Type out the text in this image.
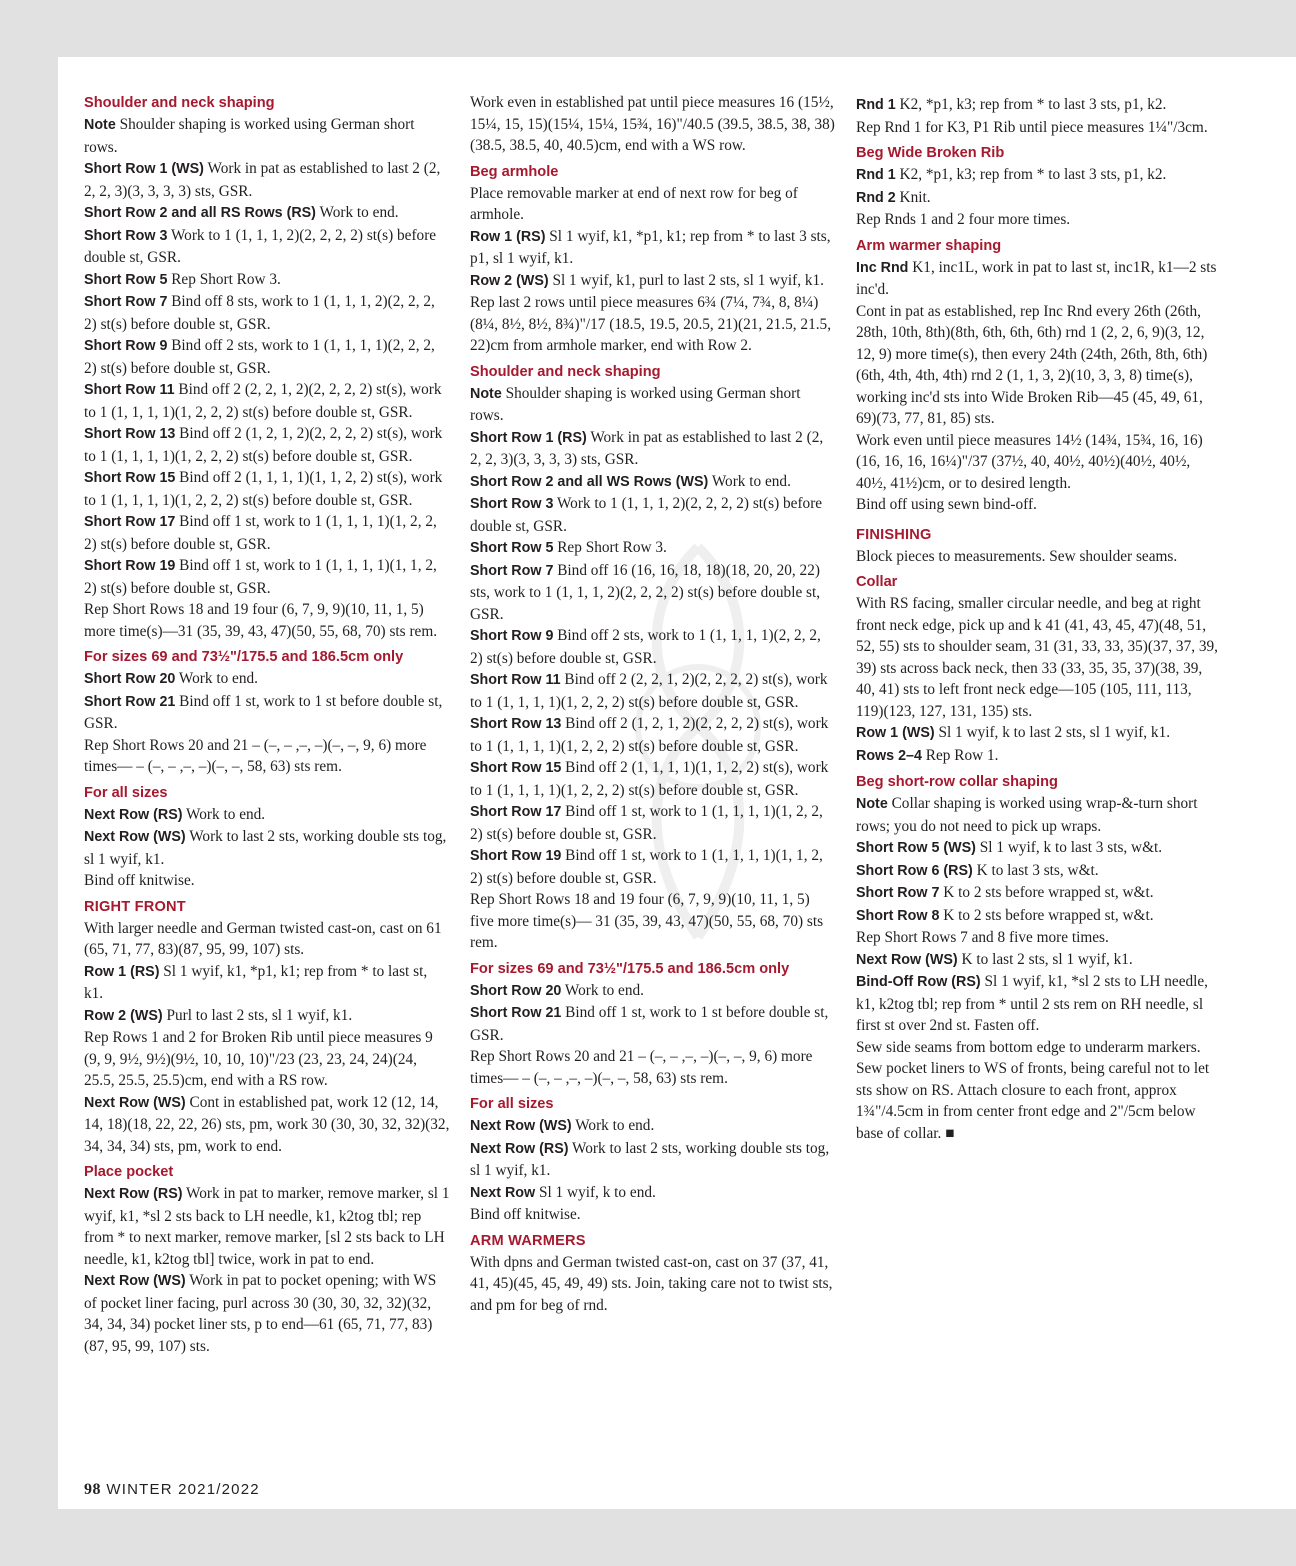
Shoulder and neck shaping

Note Shoulder shaping is worked using German short rows.

Short Row 1 (WS) Work in pat as established to last 2 (2, 2, 2, 3)(3, 3, 3, 3) sts, GSR.

Short Row 2 and all RS Rows (RS) Work to end.

Short Row 3 Work to 1 (1, 1, 1, 2)(2, 2, 2, 2) st(s) before double st, GSR.

Short Row 5 Rep Short Row 3.

Short Row 7 Bind off 8 sts, work to 1 (1, 1, 1, 2)(2, 2, 2, 2) st(s) before double st, GSR.

Short Row 9 Bind off 2 sts, work to 1 (1, 1, 1, 1)(2, 2, 2, 2) st(s) before double st, GSR.

Short Row 11 Bind off 2 (2, 2, 1, 2)(2, 2, 2, 2) st(s), work to 1 (1, 1, 1, 1)(1, 2, 2, 2) st(s) before double st, GSR.

Short Row 13 Bind off 2 (1, 2, 1, 2)(2, 2, 2, 2) st(s), work to 1 (1, 1, 1, 1)(1, 2, 2, 2) st(s) before double st, GSR.

Short Row 15 Bind off 2 (1, 1, 1, 1)(1, 1, 2, 2) st(s), work to 1 (1, 1, 1, 1)(1, 2, 2, 2) st(s) before double st, GSR.

Short Row 17 Bind off 1 st, work to 1 (1, 1, 1, 1)(1, 2, 2, 2) st(s) before double st, GSR.

Short Row 19 Bind off 1 st, work to 1 (1, 1, 1, 1)(1, 1, 2, 2) st(s) before double st, GSR.

Rep Short Rows 18 and 19 four (6, 7, 9, 9)(10, 11, 1, 5) more time(s)—31 (35, 39, 43, 47)(50, 55, 68, 70) sts rem.

For sizes 69 and 73½"/175.5 and 186.5cm only

Short Row 20 Work to end.

Short Row 21 Bind off 1 st, work to 1 st before double st, GSR.

Rep Short Rows 20 and 21 – (–, – ,–, –)(–, –, 9, 6) more times— – (–, – ,–, –)(–, –, 58, 63) sts rem.

For all sizes

Next Row (RS) Work to end.

Next Row (WS) Work to last 2 sts, working double sts tog, sl 1 wyif, k1.

Bind off knitwise.

RIGHT FRONT

With larger needle and German twisted cast-on, cast on 61 (65, 71, 77, 83)(87, 95, 99, 107) sts.

Row 1 (RS) Sl 1 wyif, k1, *p1, k1; rep from * to last st, k1.

Row 2 (WS) Purl to last 2 sts, sl 1 wyif, k1.

Rep Rows 1 and 2 for Broken Rib until piece measures 9 (9, 9, 9½, 9½)(9½, 10, 10, 10)"/23 (23, 23, 24, 24)(24, 25.5, 25.5, 25.5)cm, end with a RS row.

Next Row (WS) Cont in established pat, work 12 (12, 14, 14, 18)(18, 22, 22, 26) sts, pm, work 30 (30, 30, 32, 32)(32, 34, 34, 34) sts, pm, work to end.

Place pocket

Next Row (RS) Work in pat to marker, remove marker, sl 1 wyif, k1, *sl 2 sts back to LH needle, k1, k2tog tbl; rep from * to next marker, remove marker, [sl 2 sts back to LH needle, k1, k2tog tbl] twice, work in pat to end.

Next Row (WS) Work in pat to pocket opening; with WS of pocket liner facing, purl across 30 (30, 30, 32, 32)(32, 34, 34, 34) pocket liner sts, p to end—61 (65, 71, 77, 83)(87, 95, 99, 107) sts.

Work even in established pat until piece measures 16 (15½, 15¼, 15, 15)(15¼, 15¼, 15¾, 16)"/40.5 (39.5, 38.5, 38, 38)(38.5, 38.5, 40, 40.5)cm, end with a WS row.

Beg armhole

Place removable marker at end of next row for beg of armhole.

Row 1 (RS) Sl 1 wyif, k1, *p1, k1; rep from * to last 3 sts, p1, sl 1 wyif, k1.

Row 2 (WS) Sl 1 wyif, k1, purl to last 2 sts, sl 1 wyif, k1.

Rep last 2 rows until piece measures 6¾ (7¼, 7¾, 8, 8¼)(8¼, 8½, 8½, 8¾)"/17 (18.5, 19.5, 20.5, 21)(21, 21.5, 21.5, 22)cm from armhole marker, end with Row 2.

Shoulder and neck shaping

Note Shoulder shaping is worked using German short rows.

Short Row 1 (RS) Work in pat as established to last 2 (2, 2, 2, 3)(3, 3, 3, 3) sts, GSR.

Short Row 2 and all WS Rows (WS) Work to end.

Short Row 3 Work to 1 (1, 1, 1, 2)(2, 2, 2, 2) st(s) before double st, GSR.

Short Row 5 Rep Short Row 3.

Short Row 7 Bind off 16 (16, 16, 18, 18)(18, 20, 20, 22) sts, work to 1 (1, 1, 1, 2)(2, 2, 2, 2) st(s) before double st, GSR.

Short Row 9 Bind off 2 sts, work to 1 (1, 1, 1, 1)(2, 2, 2, 2) st(s) before double st, GSR.

Short Row 11 Bind off 2 (2, 2, 1, 2)(2, 2, 2, 2) st(s), work to 1 (1, 1, 1, 1)(1, 2, 2, 2) st(s) before double st, GSR.

Short Row 13 Bind off 2 (1, 2, 1, 2)(2, 2, 2, 2) st(s), work to 1 (1, 1, 1, 1)(1, 2, 2, 2) st(s) before double st, GSR.

Short Row 15 Bind off 2 (1, 1, 1, 1)(1, 1, 2, 2) st(s), work to 1 (1, 1, 1, 1)(1, 2, 2, 2) st(s) before double st, GSR.

Short Row 17 Bind off 1 st, work to 1 (1, 1, 1, 1)(1, 2, 2, 2) st(s) before double st, GSR.

Short Row 19 Bind off 1 st, work to 1 (1, 1, 1, 1)(1, 1, 2, 2) st(s) before double st, GSR.

Rep Short Rows 18 and 19 four (6, 7, 9, 9)(10, 11, 1, 5) five more time(s)— 31 (35, 39, 43, 47)(50, 55, 68, 70) sts rem.

For sizes 69 and 73½"/175.5 and 186.5cm only

Short Row 20 Work to end.

Short Row 21 Bind off 1 st, work to 1 st before double st, GSR.

Rep Short Rows 20 and 21 – (–, – ,–, –)(–, –, 9, 6) more times— – (–, – ,–, –)(–, –, 58, 63) sts rem.

For all sizes

Next Row (WS) Work to end.

Next Row (RS) Work to last 2 sts, working double sts tog, sl 1 wyif, k1.

Next Row Sl 1 wyif, k to end.

Bind off knitwise.

ARM WARMERS

With dpns and German twisted cast-on, cast on 37 (37, 41, 41, 45)(45, 45, 49, 49) sts. Join, taking care not to twist sts, and pm for beg of rnd.

Rnd 1 K2, *p1, k3; rep from * to last 3 sts, p1, k2.

Rep Rnd 1 for K3, P1 Rib until piece measures 1¼"/3cm.

Beg Wide Broken Rib

Rnd 1 K2, *p1, k3; rep from * to last 3 sts, p1, k2.

Rnd 2 Knit.

Rep Rnds 1 and 2 four more times.

Arm warmer shaping

Inc Rnd K1, inc1L, work in pat to last st, inc1R, k1—2 sts inc'd.

Cont in pat as established, rep Inc Rnd every 26th (26th, 28th, 10th, 8th)(8th, 6th, 6th, 6th) rnd 1 (2, 2, 6, 9)(3, 12, 12, 9) more time(s), then every 24th (24th, 26th, 8th, 6th)(6th, 4th, 4th, 4th) rnd 2 (1, 1, 3, 2)(10, 3, 3, 8) time(s), working inc'd sts into Wide Broken Rib—45 (45, 49, 61, 69)(73, 77, 81, 85) sts.

Work even until piece measures 14½ (14¾, 15¾, 16, 16)(16, 16, 16, 16¼)"/37 (37½, 40, 40½, 40½)(40½, 40½, 40½, 41½)cm, or to desired length.

Bind off using sewn bind-off.

FINISHING

Block pieces to measurements. Sew shoulder seams.

Collar

With RS facing, smaller circular needle, and beg at right front neck edge, pick up and k 41 (41, 43, 45, 47)(48, 51, 52, 55) sts to shoulder seam, 31 (31, 33, 33, 35)(37, 37, 39, 39) sts across back neck, then 33 (33, 35, 35, 37)(38, 39, 40, 41) sts to left front neck edge—105 (105, 111, 113, 119)(123, 127, 131, 135) sts.

Row 1 (WS) Sl 1 wyif, k to last 2 sts, sl 1 wyif, k1.

Rows 2–4 Rep Row 1.

Beg short-row collar shaping

Note Collar shaping is worked using wrap-&-turn short rows; you do not need to pick up wraps.

Short Row 5 (WS) Sl 1 wyif, k to last 3 sts, w&t.

Short Row 6 (RS) K to last 3 sts, w&t.

Short Row 7 K to 2 sts before wrapped st, w&t.

Short Row 8 K to 2 sts before wrapped st, w&t.

Rep Short Rows 7 and 8 five more times.

Next Row (WS) K to last 2 sts, sl 1 wyif, k1.

Bind-Off Row (RS) Sl 1 wyif, k1, *sl 2 sts to LH needle, k1, k2tog tbl; rep from * until 2 sts rem on RH needle, sl first st over 2nd st. Fasten off.

Sew side seams from bottom edge to underarm markers. Sew pocket liners to WS of fronts, being careful not to let sts show on RS. Attach closure to each front, approx 1¾"/4.5cm in from center front edge and 2"/5cm below base of collar. ■

98 WINTER 2021/2022
